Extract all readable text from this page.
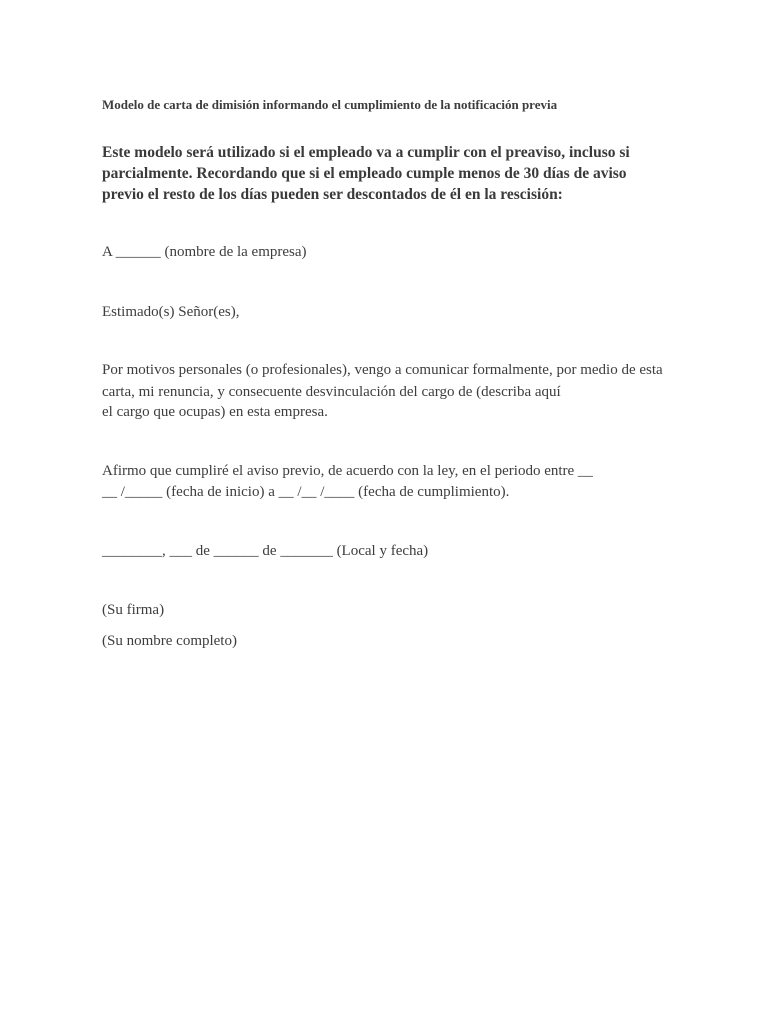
Modelo de carta de dimisión informando el cumplimiento de la notificación previa
Este modelo será utilizado si el empleado va a cumplir con el preaviso, incluso si
parcialmente. Recordando que si el empleado cumple menos de 30 días de aviso
previo el resto de los días pueden ser descontados de él en la rescisión:
A ______ (nombre de la empresa)
Estimado(s) Señor(es),
Por motivos personales (o profesionales), vengo a comunicar formalmente, por medio de esta
carta, mi renuncia, y consecuente desvinculación del cargo de (describa aquí
el cargo que ocupas) en esta empresa.
Afirmo que cumpliré el aviso previo, de acuerdo con la ley, en el periodo entre __
__ /_____ (fecha de inicio) a __ /__ /____ (fecha de cumplimiento).
________, ___ de ______ de _______ (Local y fecha)
(Su firma)
(Su nombre completo)
